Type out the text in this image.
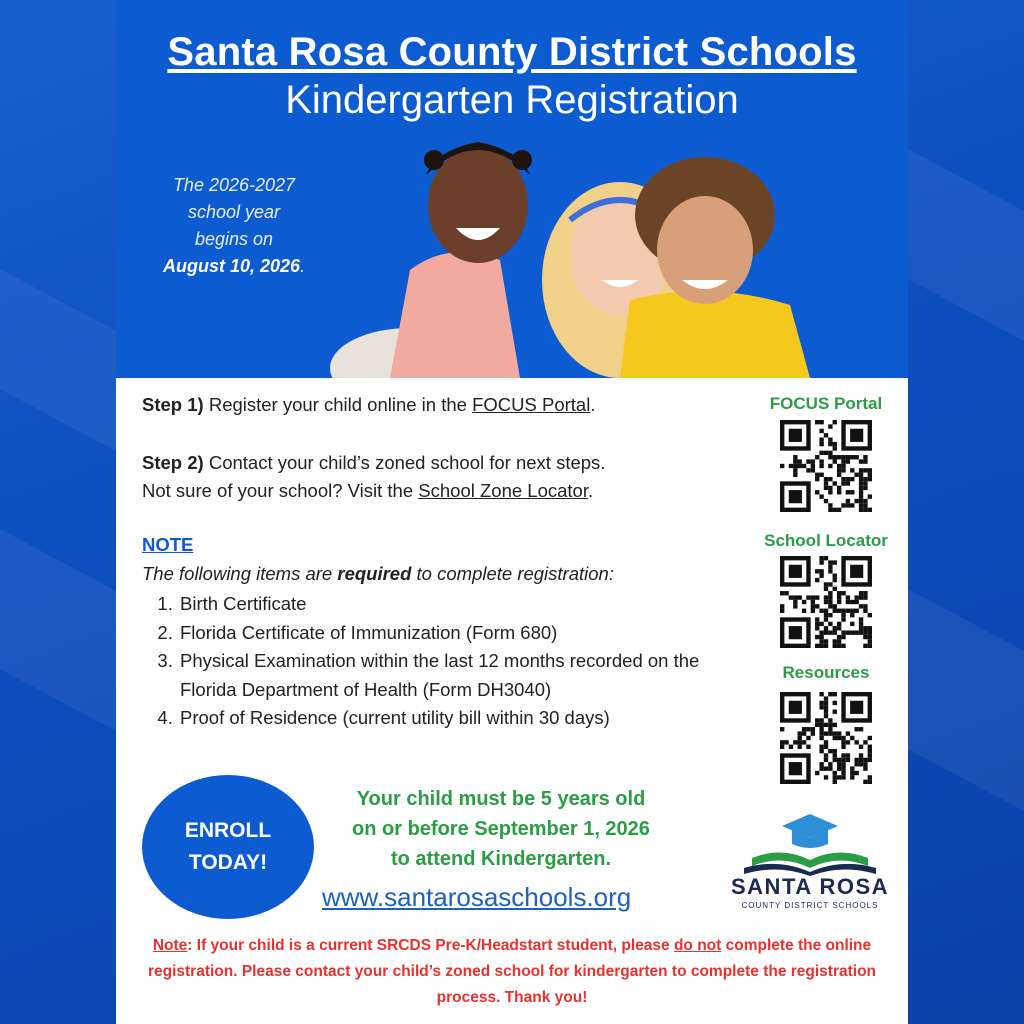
Santa Rosa County District Schools
Kindergarten Registration
The 2026-2027
school year
begins on
August 10, 2026.
Step 1) Register your child online in the FOCUS Portal.
Step 2) Contact your child’s zoned school for next steps.
Not sure of your school? Visit the School Zone Locator.
NOTE
The following items are required to complete registration:
1. Birth Certificate
2. Florida Certificate of Immunization (Form 680)
3. Physical Examination within the last 12 months recorded on the Florida Department of Health (Form DH3040)
4. Proof of Residence (current utility bill within 30 days)
FOCUS Portal
School Locator
Resources
ENROLL
TODAY!
Your child must be 5 years old
on or before September 1, 2026
to attend Kindergarten.
www.santarosaschools.org	SANTA ROSA
COUNTY DISTRICT SCHOOLS
Note: If your child is a current SRCDS Pre-K/Headstart student, please do not complete the online registration. Please contact your child’s zoned school for kindergarten to complete the registration process. Thank you!
